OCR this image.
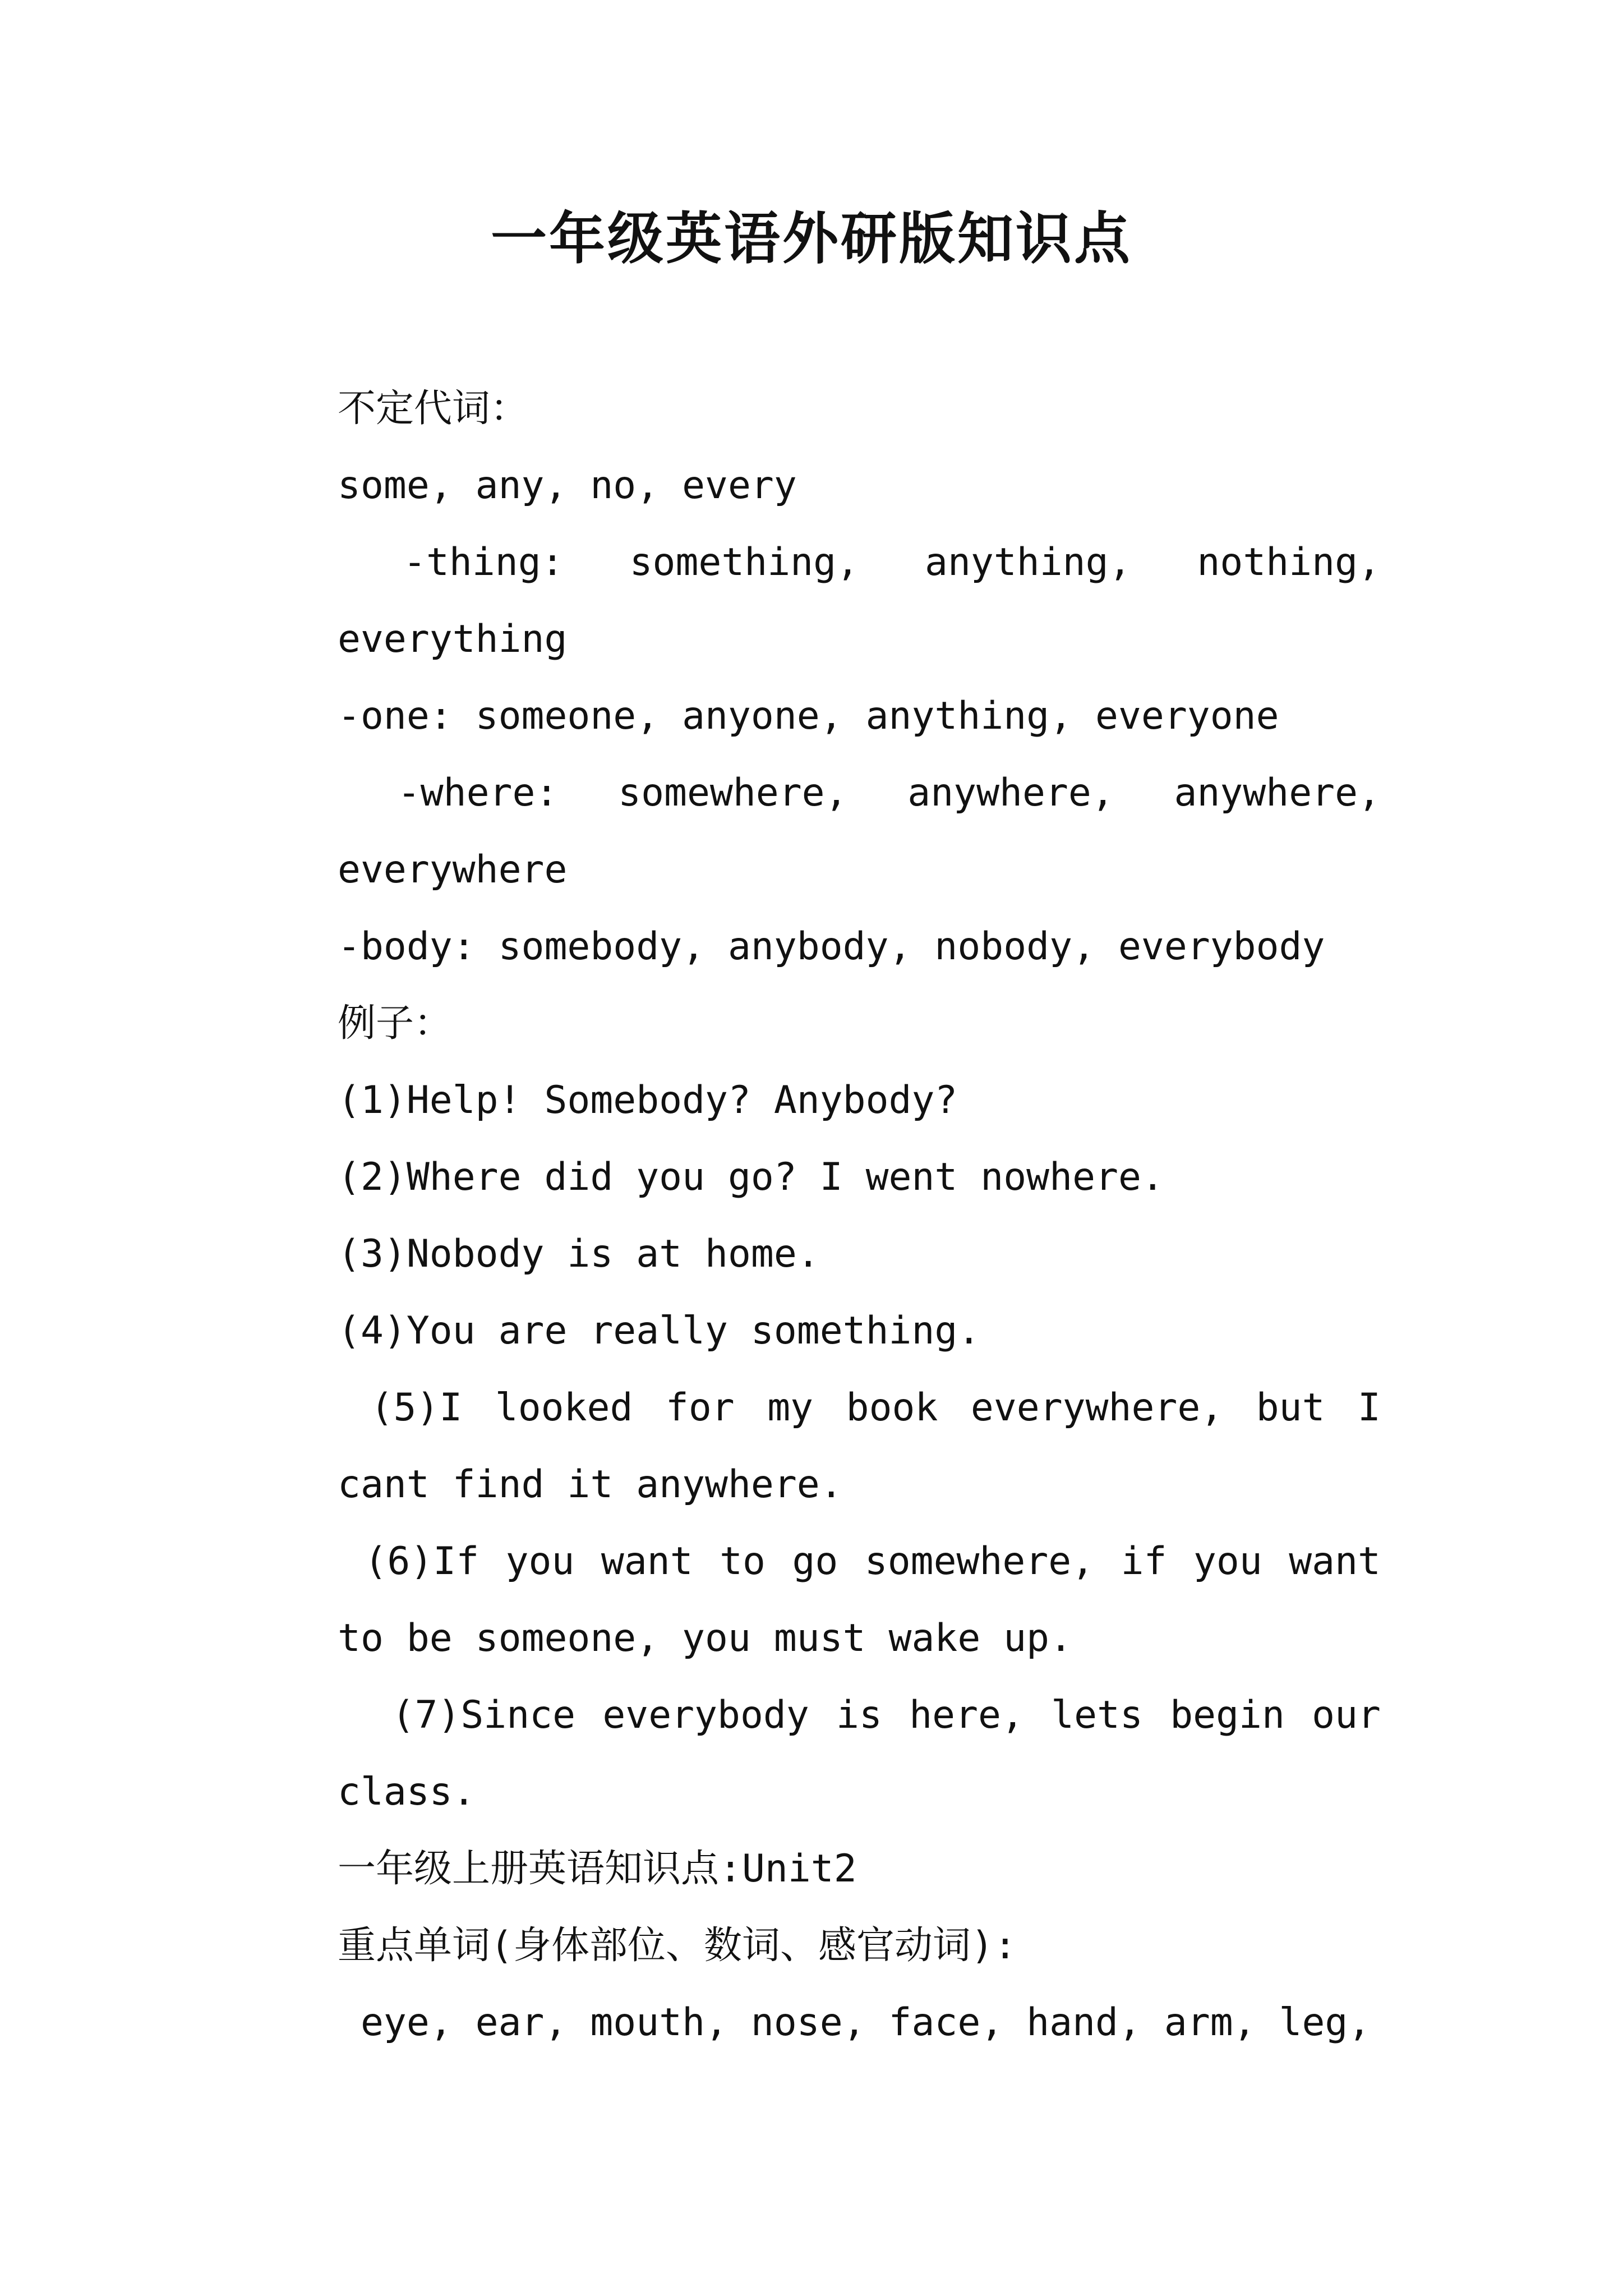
一年级英语外研版知识点

不定代词：

some, any, no, every

-thing:  something,  anything,  nothing, everything

-one: someone, anyone, anything, everyone

-where:  somewhere,  anywhere,  anywhere, everywhere

-body: somebody, anybody, nobody, everybody

例子：

(1)Help! Somebody? Anybody?

(2)Where did you go? I went nowhere.

(3)Nobody is at home.

(4)You are really something.

(5)I looked for my book everywhere, but I cant find it anywhere.

(6)If you want to go somewhere, if you want to be someone, you must wake up.

(7)Since everybody is here, lets begin our class.

一年级上册英语知识点:Unit2

重点单词(身体部位、数词、感官动词):

eye, ear, mouth, nose, face, hand, arm, leg,
